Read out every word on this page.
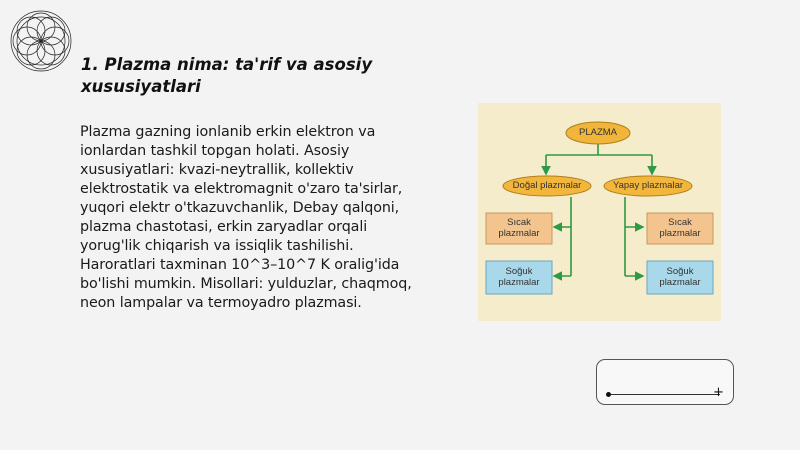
1. Plazma nima: ta'rif va asosiy xususiyatlari

Plazma gazning ionlanib erkin elektron va ionlardan tashkil topgan holati. Asosiy xususiyatlari: kvazi-neytrallik, kollektiv elektrostatik va elektromagnit o'zaro ta'sirlar, yuqori elektr o'tkazuvchanlik, Debay qalqoni, plazma chastotasi, erkin zaryadlar orqali yorug'lik chiqarish va issiqlik tashilishi. Haroratlari taxminan 10^3–10^7 K oralig'ida bo'lishi mumkin. Misollari: yulduzlar, chaqmoq, neon lampalar va termoyadro plazmasi.

PLAZMA
Doğal plazmalar	Yapay plazmalar
Sıcak plazmalar
Soğuk plazmalar
Sıcak plazmalar
Soğuk plazmalar
+
